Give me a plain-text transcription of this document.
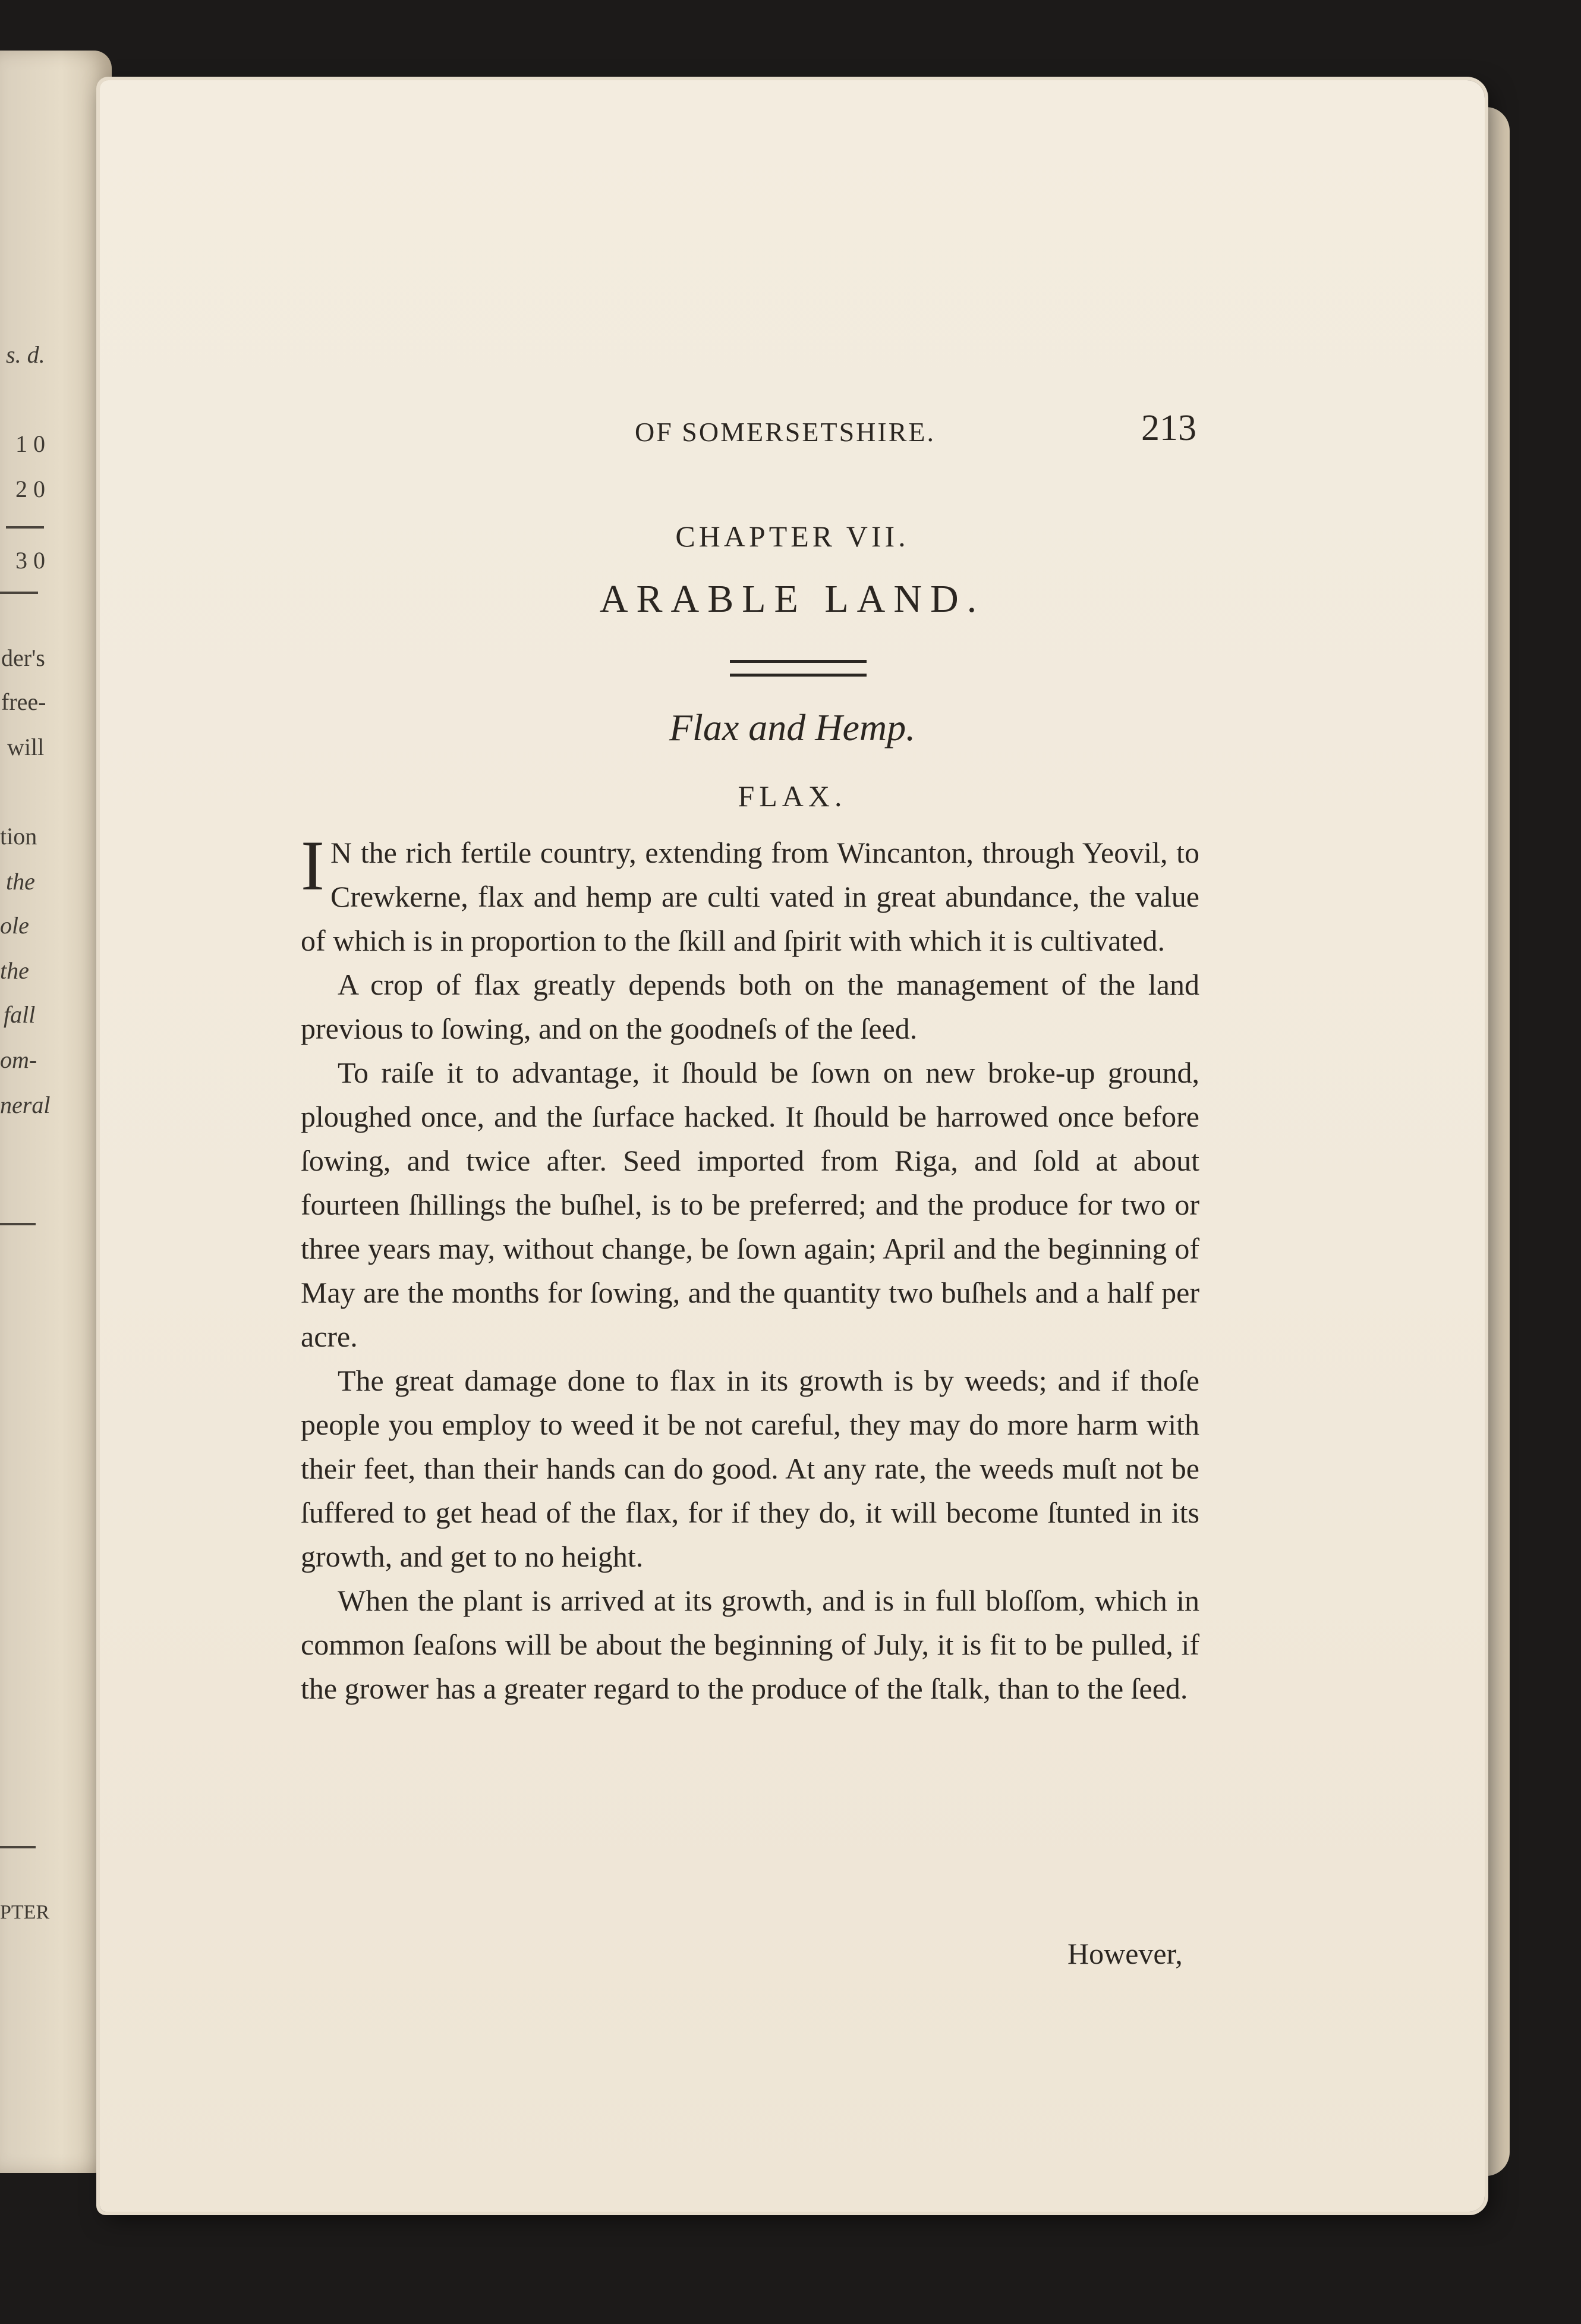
s. d.
1 0
2 0
3 0
der's
free-
will
tion
the
ole
the
fall
om-
neral
PTER
OF SOMERSETSHIRE.	213
CHAPTER VII.
ARABLE LAND.
Flax and Hemp.
FLAX.

I N the rich fertile country, extending from Wincanton, through Yeovil, to Crewkerne, flax and hemp are culti vated in great abundance, the value of which is in proportion to the ſkill and ſpirit with which it is cultivated.

A crop of flax greatly depends both on the management of the land previous to ſowing, and on the goodneſs of the ſeed.

To raiſe it to advantage, it ſhould be ſown on new broke-up ground, ploughed once, and the ſurface hacked. It ſhould be harrowed once before ſowing, and twice after. Seed imported from Riga, and ſold at about fourteen ſhillings the buſhel, is to be preferred; and the produce for two or three years may, without change, be ſown again; April and the beginning of May are the months for ſowing, and the quantity two buſhels and a half per acre.

The great damage done to flax in its growth is by weeds; and if thoſe people you employ to weed it be not careful, they may do more harm with their feet, than their hands can do good. At any rate, the weeds muſt not be ſuffered to get head of the flax, for if they do, it will become ſtunted in its growth, and get to no height.

When the plant is arrived at its growth, and is in full bloſſom, which in common ſeaſons will be about the beginning of July, it is fit to be pulled, if the grower has a greater regard to the produce of the ſtalk, than to the ſeed.

However,
